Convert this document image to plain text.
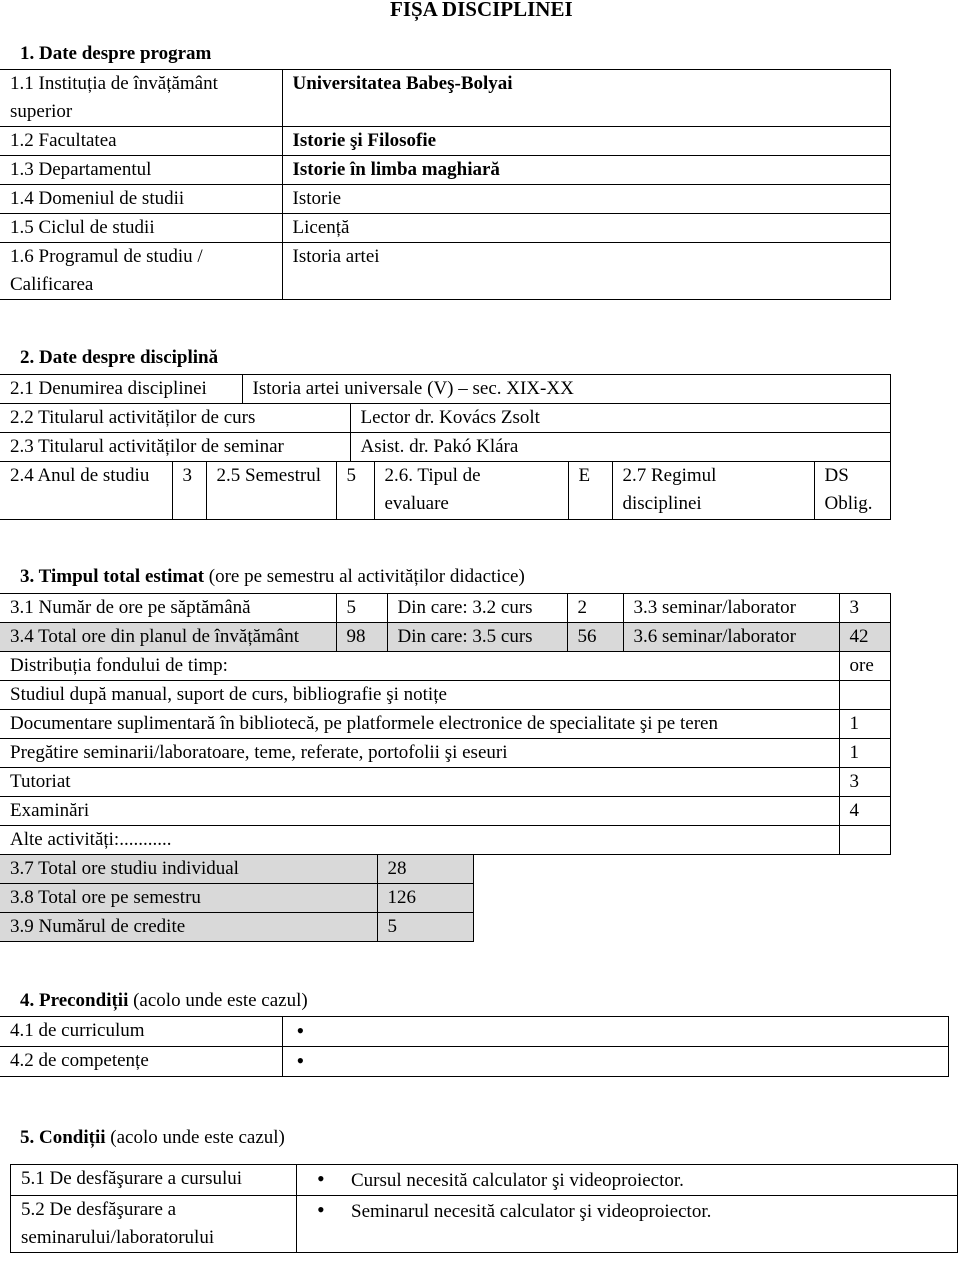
FIȘA DISCIPLINEI
1. Date despre program
1.1 Instituția de învățământ superior	Universitatea Babeş-Bolyai
1.2 Facultatea	Istorie şi Filosofie
1.3 Departamentul	Istorie în limba maghiară
1.4 Domeniul de studii	Istorie
1.5 Ciclul de studii	Licență
1.6 Programul de studiu / Calificarea	Istoria artei
2. Date despre disciplină
2.1 Denumirea disciplinei	Istoria artei universale (V) – sec. XIX-XX
2.2 Titularul activităților de curs	Lector dr. Kovács Zsolt
2.3 Titularul activităților de seminar	Asist. dr. Pakó Klára
2.4 Anul de studiu	3	2.5 Semestrul	5	2.6. Tipul de evaluare	E	2.7 Regimul disciplinei	DS Oblig.
3. Timpul total estimat (ore pe semestru al activităților didactice)
3.1 Număr de ore pe săptămână	5	Din care: 3.2 curs	2	3.3 seminar/laborator	3
3.4 Total ore din planul de învățământ	98	Din care: 3.5 curs	56	3.6 seminar/laborator	42
Distribuția fondului de timp:	ore
Studiul după manual, suport de curs, bibliografie şi notițe	
Documentare suplimentară în bibliotecă, pe platformele electronice de specialitate şi pe teren	1
Pregătire seminarii/laboratoare, teme, referate, portofolii şi eseuri	1
Tutoriat	3
Examinări	4
Alte activități:...........	
3.7 Total ore studiu individual	28
3.8 Total ore pe semestru	126
3.9 Numărul de credite	5
4. Precondiții (acolo unde este cazul)
4.1 de curriculum	•
4.2 de competențe	•
5. Condiții (acolo unde este cazul)
5.1 De desfăşurare a cursului	• Cursul necesită calculator şi videoproiector.
5.2 De desfăşurare a seminarului/laboratorului	• Seminarul necesită calculator şi videoproiector.
